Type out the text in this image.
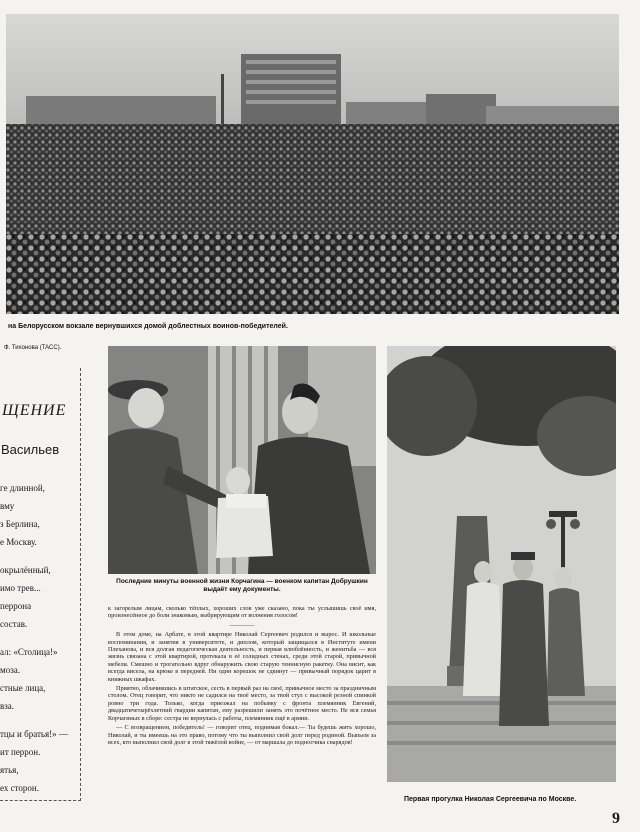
на Белорусском вокзале вернувшихся домой доблестных воинов-победителей.
Ф. Тихонова (ТАСС).
Последние минуты военной жизни Корчагина — военком капитан Добрушкин выдаёт ему документы.
Первая прогулка Николая Сергеевича по Москве.
ЩЕНИЕ
Васильев
ге длинной,
вму
з Берлина,
е Москву.
окрылённый,
имо трев...
перрона
состав.
ал: «Столица!»
моза.
стные лица,
вза.
тцы и братья!» —
ит перрон.
ятья,
ех сторон.

к загорелым лицам, сколько тёплых, хороших слов уже сказано, пока ты услышишь своё имя, произнесённое до боли знакомым, выбрирующим от волнения голосом!

————

В этом доме, на Арбате, в этой квартире Николай Сергеевич родился и вырос. И школьные воспоминания, и занятия в университете, и диплом, который защищался в Институте имени Плеханова, и вся долгая педагогическая деятельность, и первая влюблённость, и женитьба — вся жизнь связана с этой квартирой, протекала в её солидных стенах, среди этой старой, привычной мебели. Смешно и трогательно вдруг обнаружить свою старую теннисную ракетку. Она висит, как всегда висела, на крюке в передней. Ни один корешок не сдвинут — привычный порядок царит в книжных шкафах.

Приятно, облачившись в штатское, сесть в первый раз на своё, привычное место за праздничным столом. Отец говорит, что никто не садился на твоё место, за твой стул с высокой резной спинкой ровно три года. Только, когда приезжал на побывку с фронта племянник Евгений, двадцатичетырёхлетний гвардии капитан, ему разрешили занять это почётное место. Не вся семья Корчагиных в сборе: сестра не вернулась с работы, племянник ещё в армии.

— С возвращением, победитель! — говорит отец, поднимая бокал.— Ты будешь жить хорошо, Николай, и ты имеешь на это право, потому что ты выполнил свой долг перед родиной. Выпьем за всех, кто выполнил свой долг в этой тяжёлой войне, — от маршала до подносчика снарядов!

9
